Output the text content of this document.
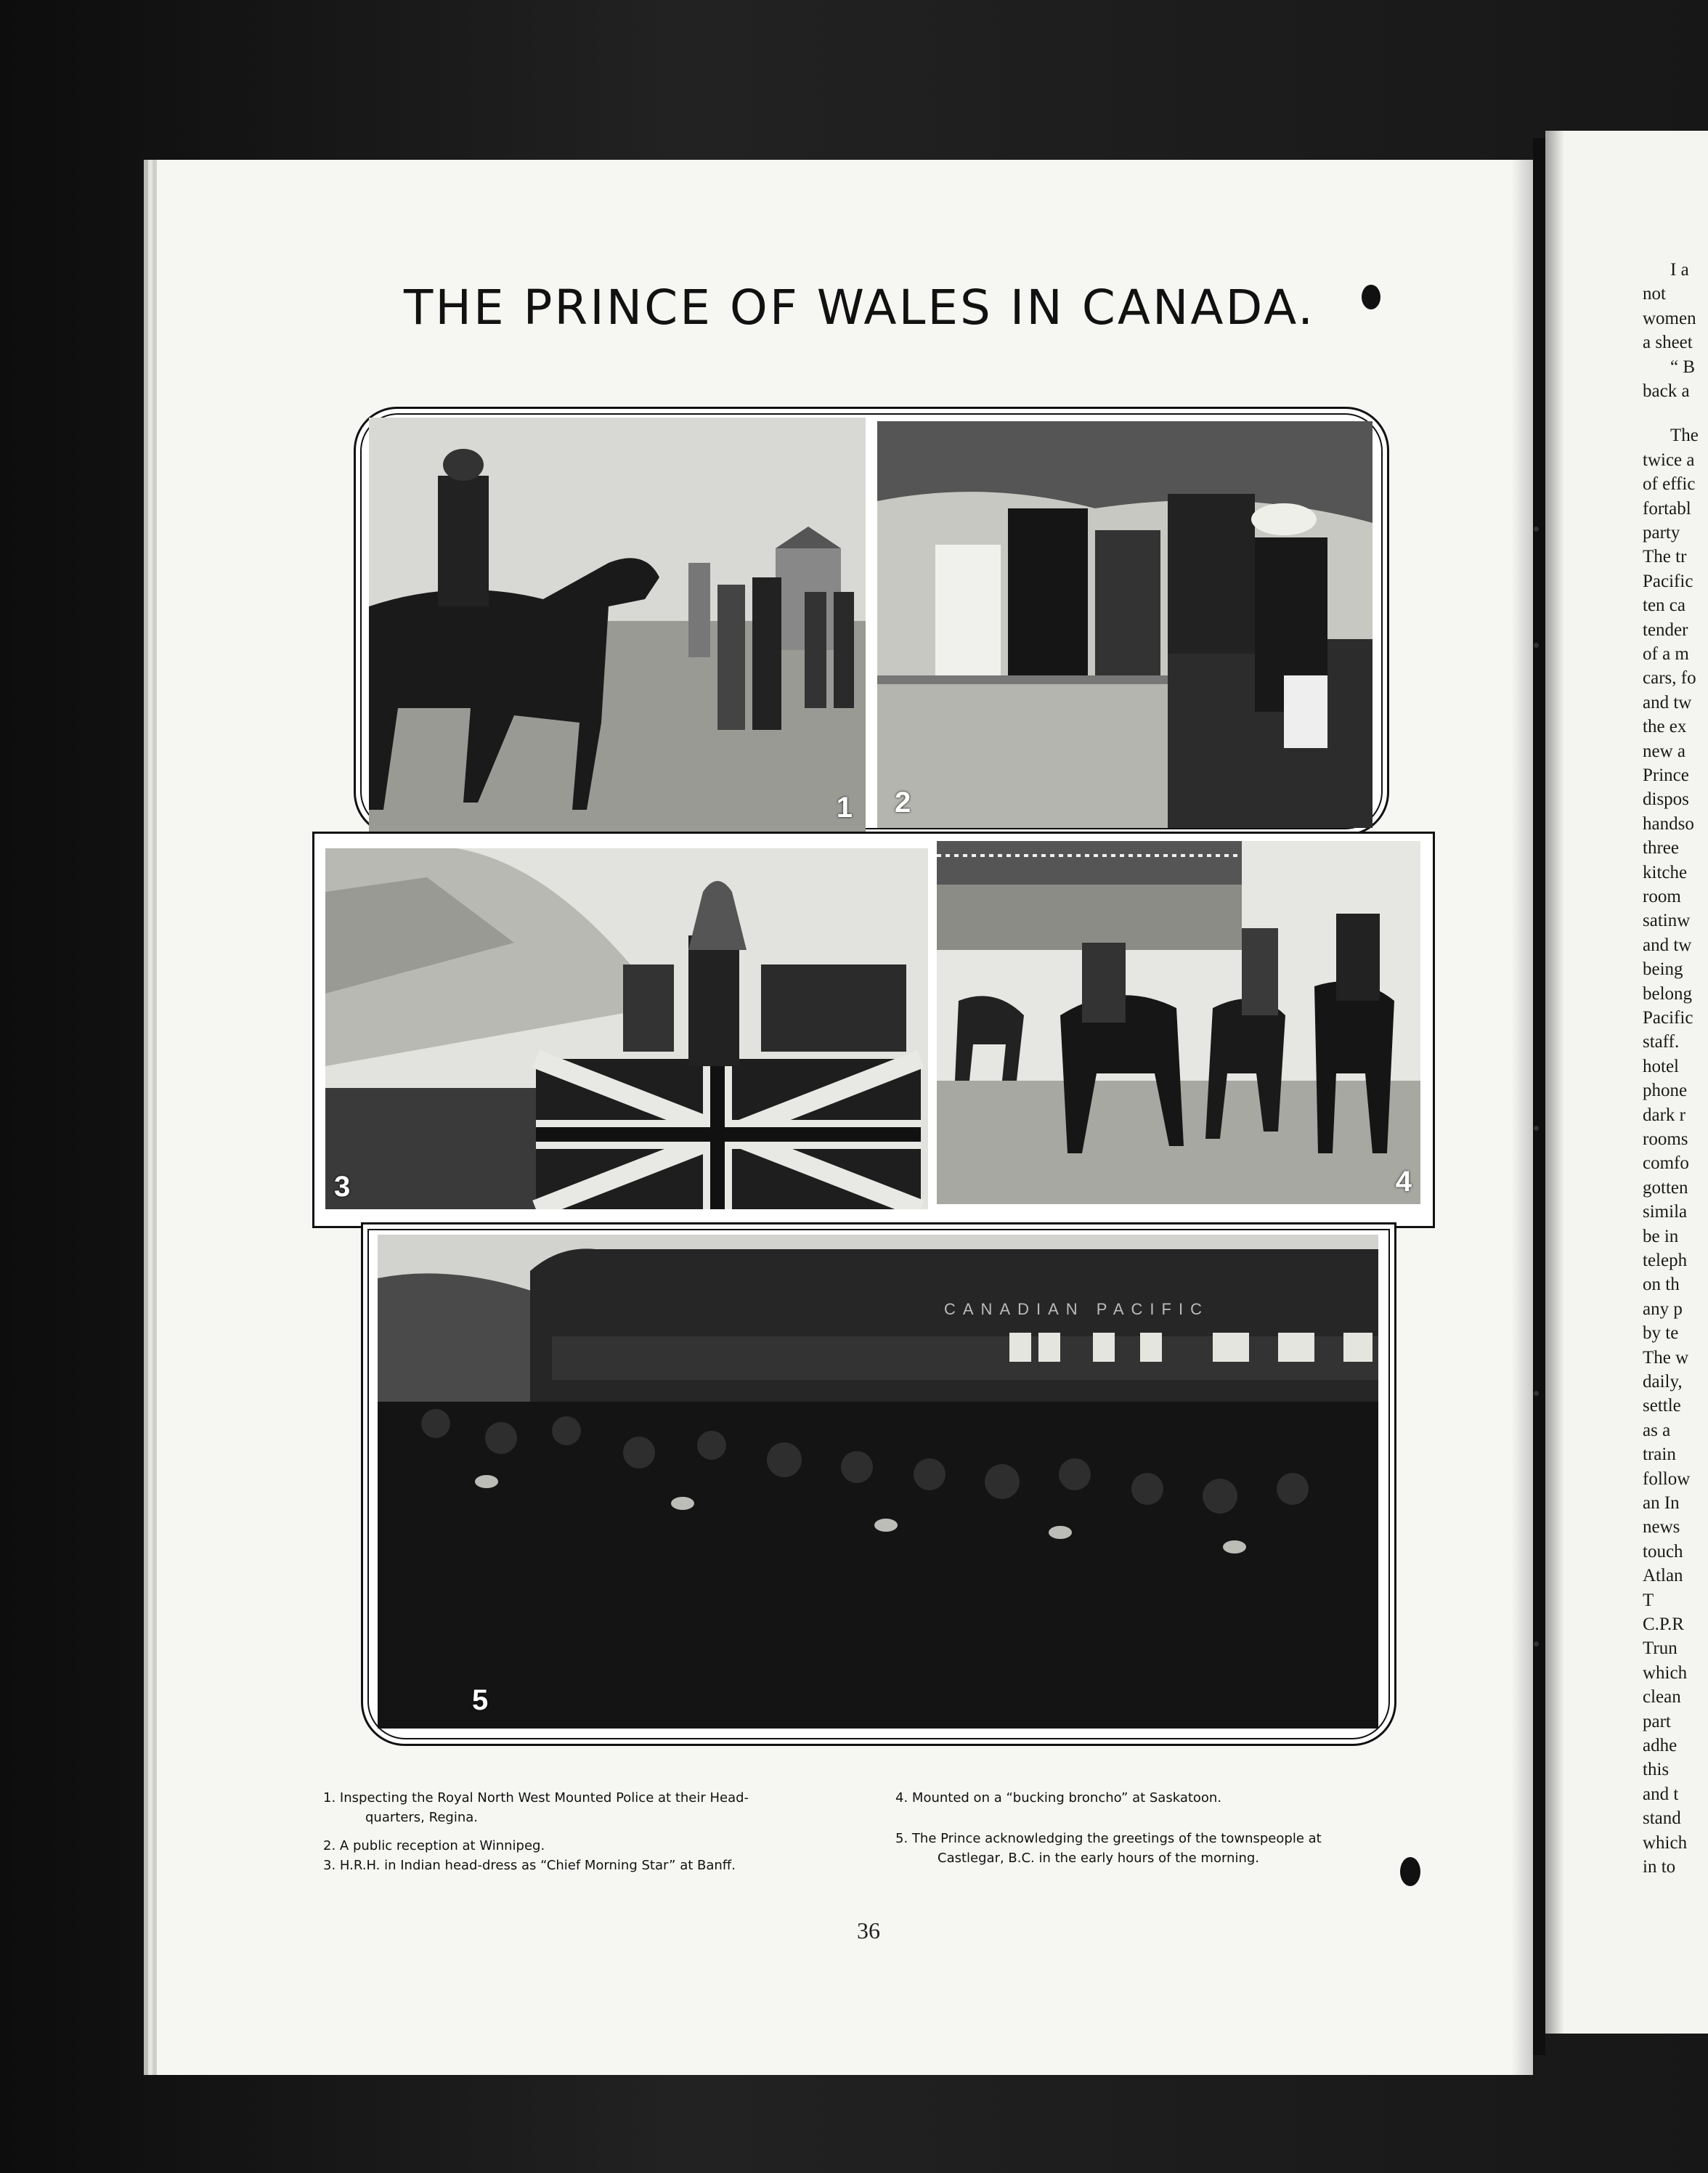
I a
not
women
a sheet
“ B
back a
The
twice a
of effic
fortabl
party
The tr
Pacific
ten ca
tender
of a m
cars, fo
and tw
the ex
new a
Prince
dispos
handso
three
kitche
room
satinw
and tw
being
belong
Pacific
staff.
hotel
phone
dark r
rooms
comfo
gotten
simila
be in
teleph
on th
any p
by te
The w
daily,
settle
as a
train
follow
an In
news
touch
Atlan
T
C.P.R
Trun
which
clean
part
adhe
this
and t
stand
which
in to
THE PRINCE OF WALES IN CANADA.
1 2
3	4
CANADIAN PACIFIC
5
1. Inspecting the Royal North West Mounted Police at their Head-
quarters, Regina.
2. A public reception at Winnipeg.
3. H.R.H. in Indian head-dress as “Chief Morning Star” at Banff.
4. Mounted on a “bucking broncho” at Saskatoon.
5. The Prince acknowledging the greetings of the townspeople at
Castlegar, B.C. in the early hours of the morning.
36
